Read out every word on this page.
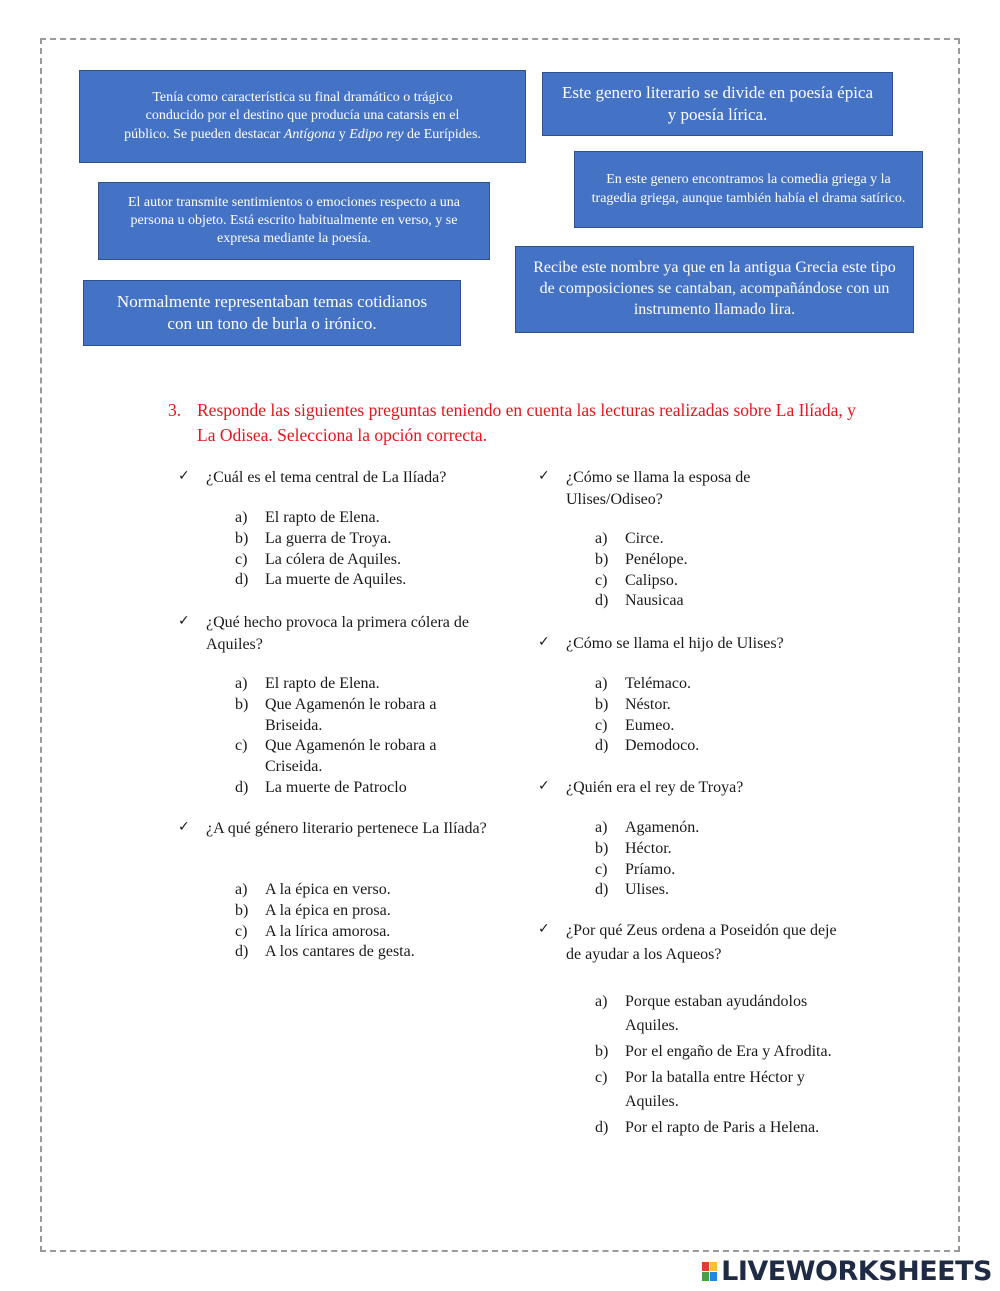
Tenía como característica su final dramático o trágico
conducido por el destino que producía una catarsis en el
público. Se pueden destacar Antígona y Edipo rey de Eurípides.
El autor transmite sentimientos o emociones respecto a una persona u objeto. Está escrito habitualmente en verso, y se expresa mediante la poesía.
Normalmente representaban temas cotidianos con un tono de burla o irónico.
Este genero literario se divide en poesía épica y poesía lírica.
En este genero encontramos la comedia griega y la tragedia griega, aunque también había el drama satírico.
Recibe este nombre ya que en la antigua Grecia este tipo de composiciones se cantaban, acompañándose con un instrumento llamado lira.
3. Responde las siguientes preguntas teniendo en cuenta las lecturas realizadas sobre La Ilíada, y La Odisea. Selecciona la opción correcta.
✓ ¿Cuál es el tema central de La Ilíada?
a) El rapto de Elena.
b) La guerra de Troya.
c) La cólera de Aquiles.
d) La muerte de Aquiles.
✓ ¿Qué hecho provoca la primera cólera de Aquiles?
a) El rapto de Elena.
b) Que Agamenón le robara a Briseida.
c) Que Agamenón le robara a Criseida.
d) La muerte de Patroclo
✓ ¿A qué género literario pertenece La Ilíada?
a) A la épica en verso.
b) A la épica en prosa.
c) A la lírica amorosa.
d) A los cantares de gesta.
✓ ¿Cómo se llama la esposa de Ulises/Odiseo?
a) Circe.
b) Penélope.
c) Calipso.
d) Nausicaa
✓ ¿Cómo se llama el hijo de Ulises?
a) Telémaco.
b) Néstor.
c) Eumeo.
d) Demodoco.
✓ ¿Quién era el rey de Troya?
a) Agamenón.
b) Héctor.
c) Príamo.
d) Ulises.
✓ ¿Por qué Zeus ordena a Poseidón que deje de ayudar a los Aqueos?
a) Porque estaban ayudándolos Aquiles.
b) Por el engaño de Era y Afrodita.
c) Por la batalla entre Héctor y Aquiles.
d) Por el rapto de Paris a Helena.
LIVEWORKSHEETS
